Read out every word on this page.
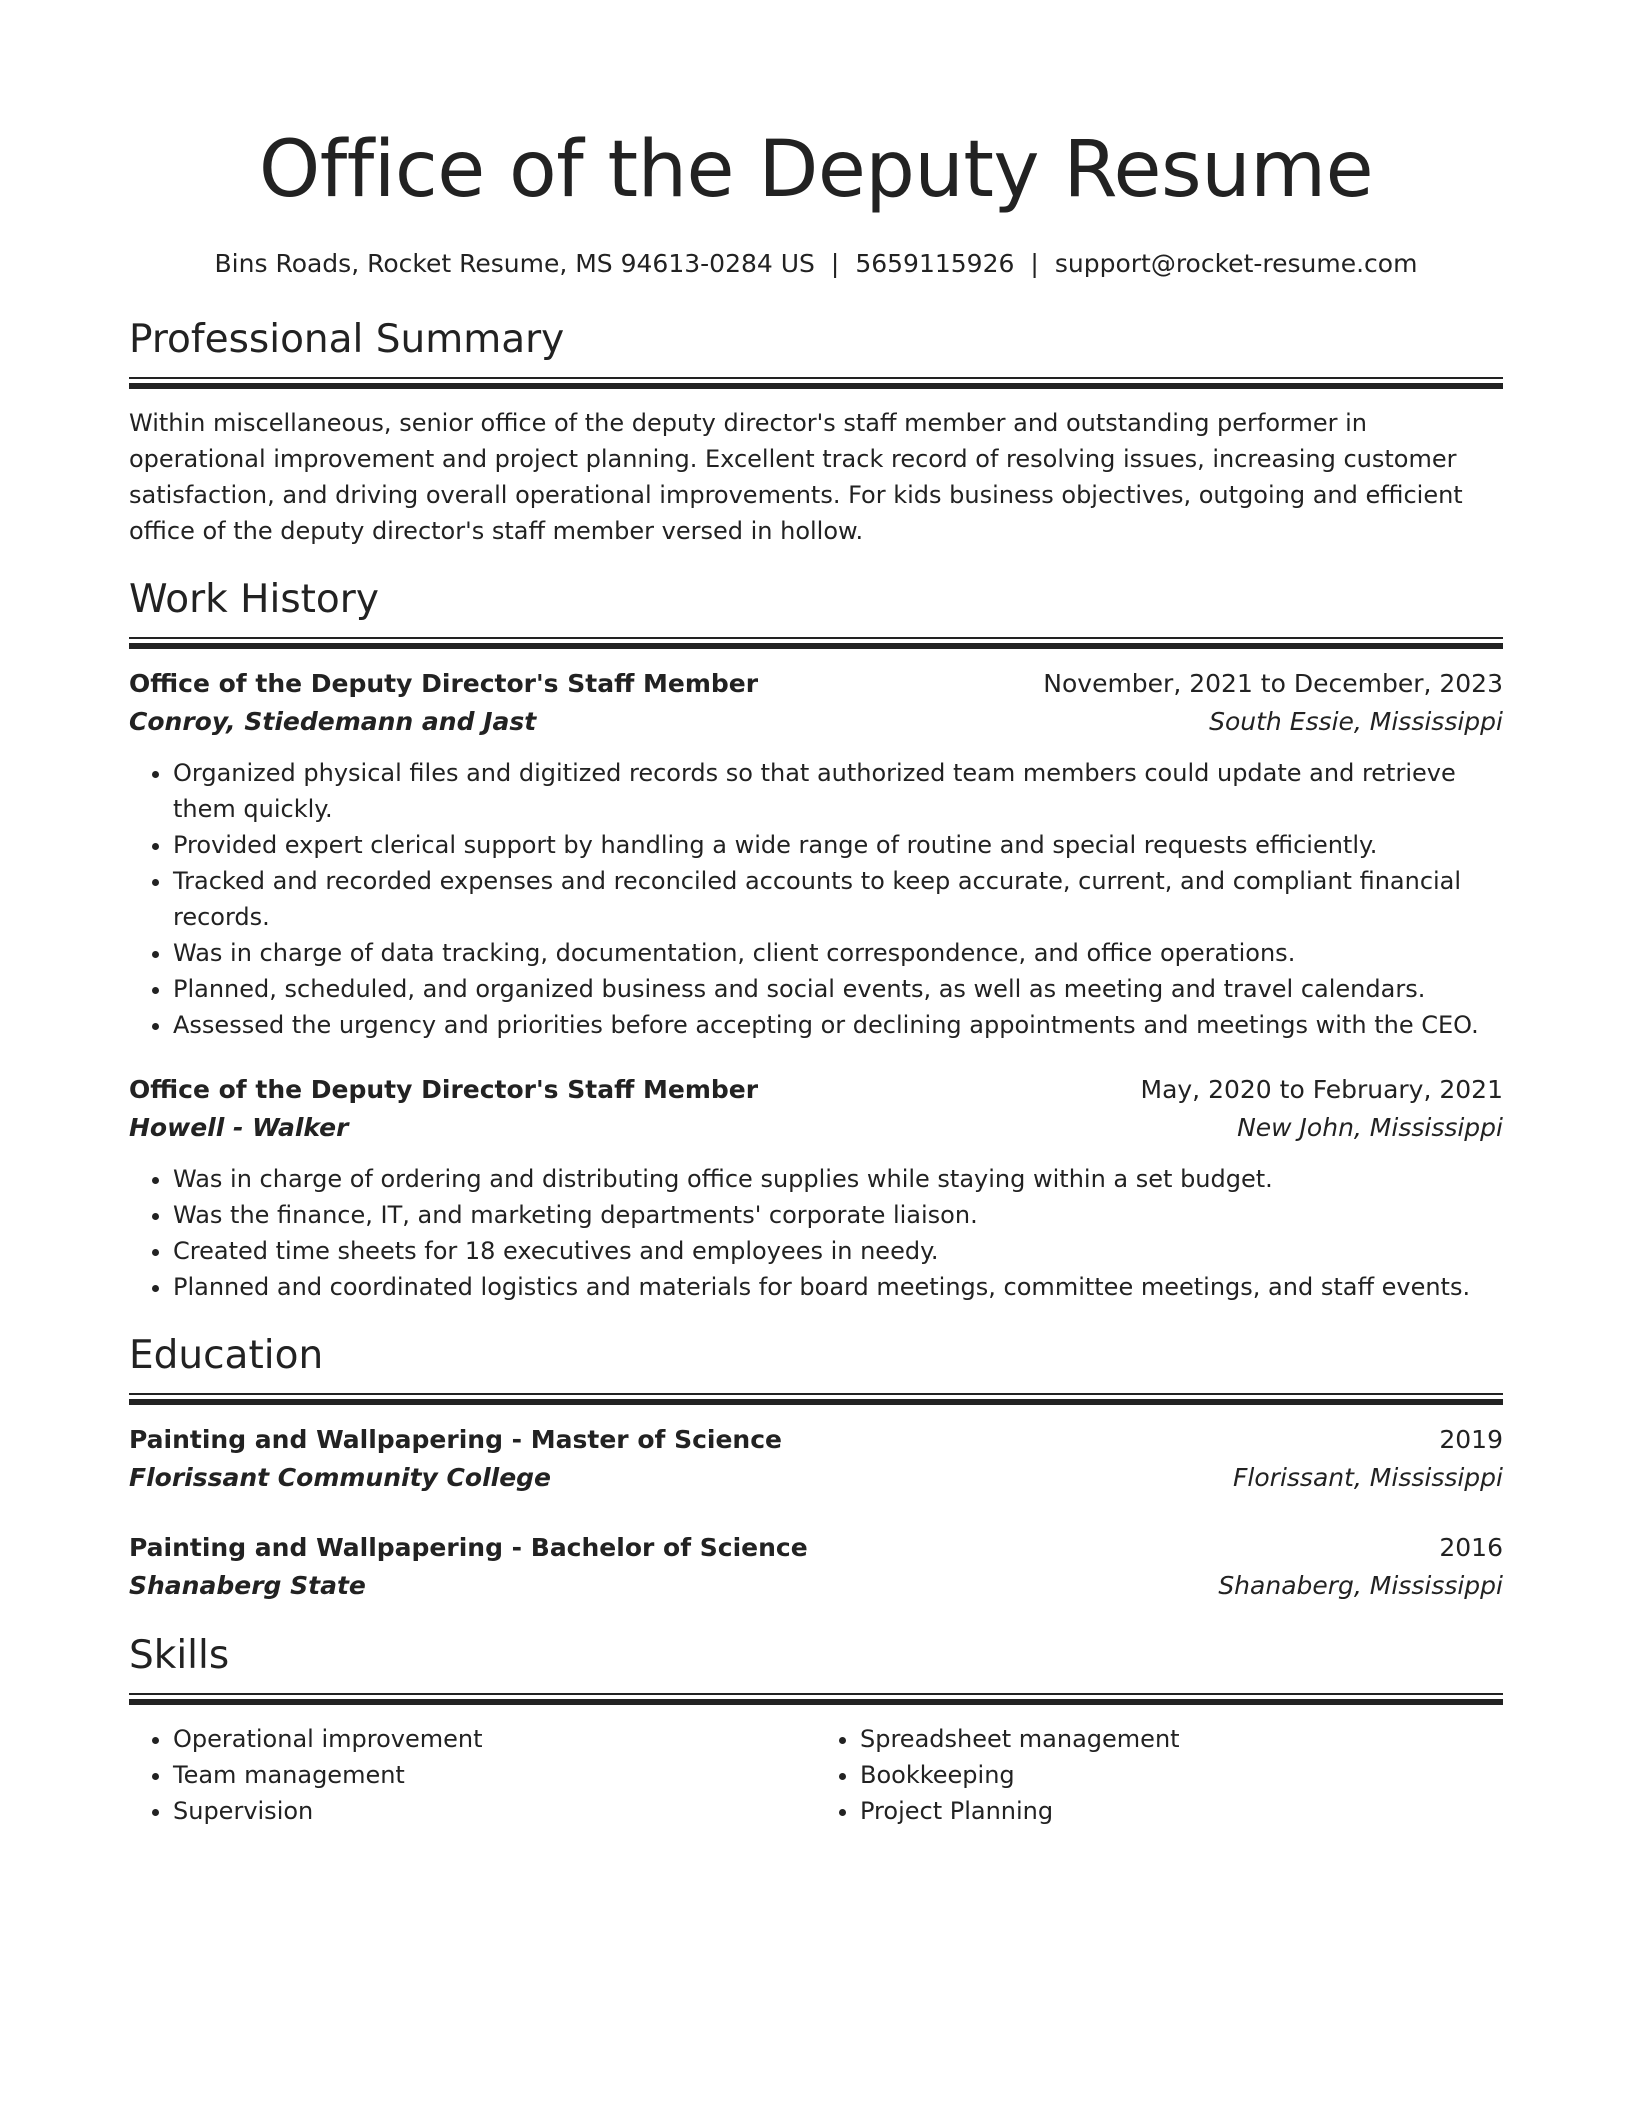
Office of the Deputy Resume
Bins Roads, Rocket Resume, MS 94613-0284 US | 5659115926 | support@rocket-resume.com
Professional Summary

Within miscellaneous, senior office of the deputy director's staff member and outstanding performer in operational improvement and project planning. Excellent track record of resolving issues, increasing customer satisfaction, and driving overall operational improvements. For kids business objectives, outgoing and efficient office of the deputy director's staff member versed in hollow.

Work History
Office of the Deputy Director's Staff Member	November, 2021 to December, 2023
Conroy, Stiedemann and Jast	South Essie, Mississippi
• Organized physical files and digitized records so that authorized team members could update and retrieve them quickly.
• Provided expert clerical support by handling a wide range of routine and special requests efficiently.
• Tracked and recorded expenses and reconciled accounts to keep accurate, current, and compliant financial records.
• Was in charge of data tracking, documentation, client correspondence, and office operations.
• Planned, scheduled, and organized business and social events, as well as meeting and travel calendars.
• Assessed the urgency and priorities before accepting or declining appointments and meetings with the CEO.
Office of the Deputy Director's Staff Member	May, 2020 to February, 2021
Howell - Walker	New John, Mississippi
• Was in charge of ordering and distributing office supplies while staying within a set budget.
• Was the finance, IT, and marketing departments' corporate liaison.
• Created time sheets for 18 executives and employees in needy.
• Planned and coordinated logistics and materials for board meetings, committee meetings, and staff events.
Education
Painting and Wallpapering - Master of Science	2019
Florissant Community College	Florissant, Mississippi
Painting and Wallpapering - Bachelor of Science	2016
Shanaberg State	Shanaberg, Mississippi
Skills
• Operational improvement
• Team management
• Supervision
• Spreadsheet management
• Bookkeeping
• Project Planning
